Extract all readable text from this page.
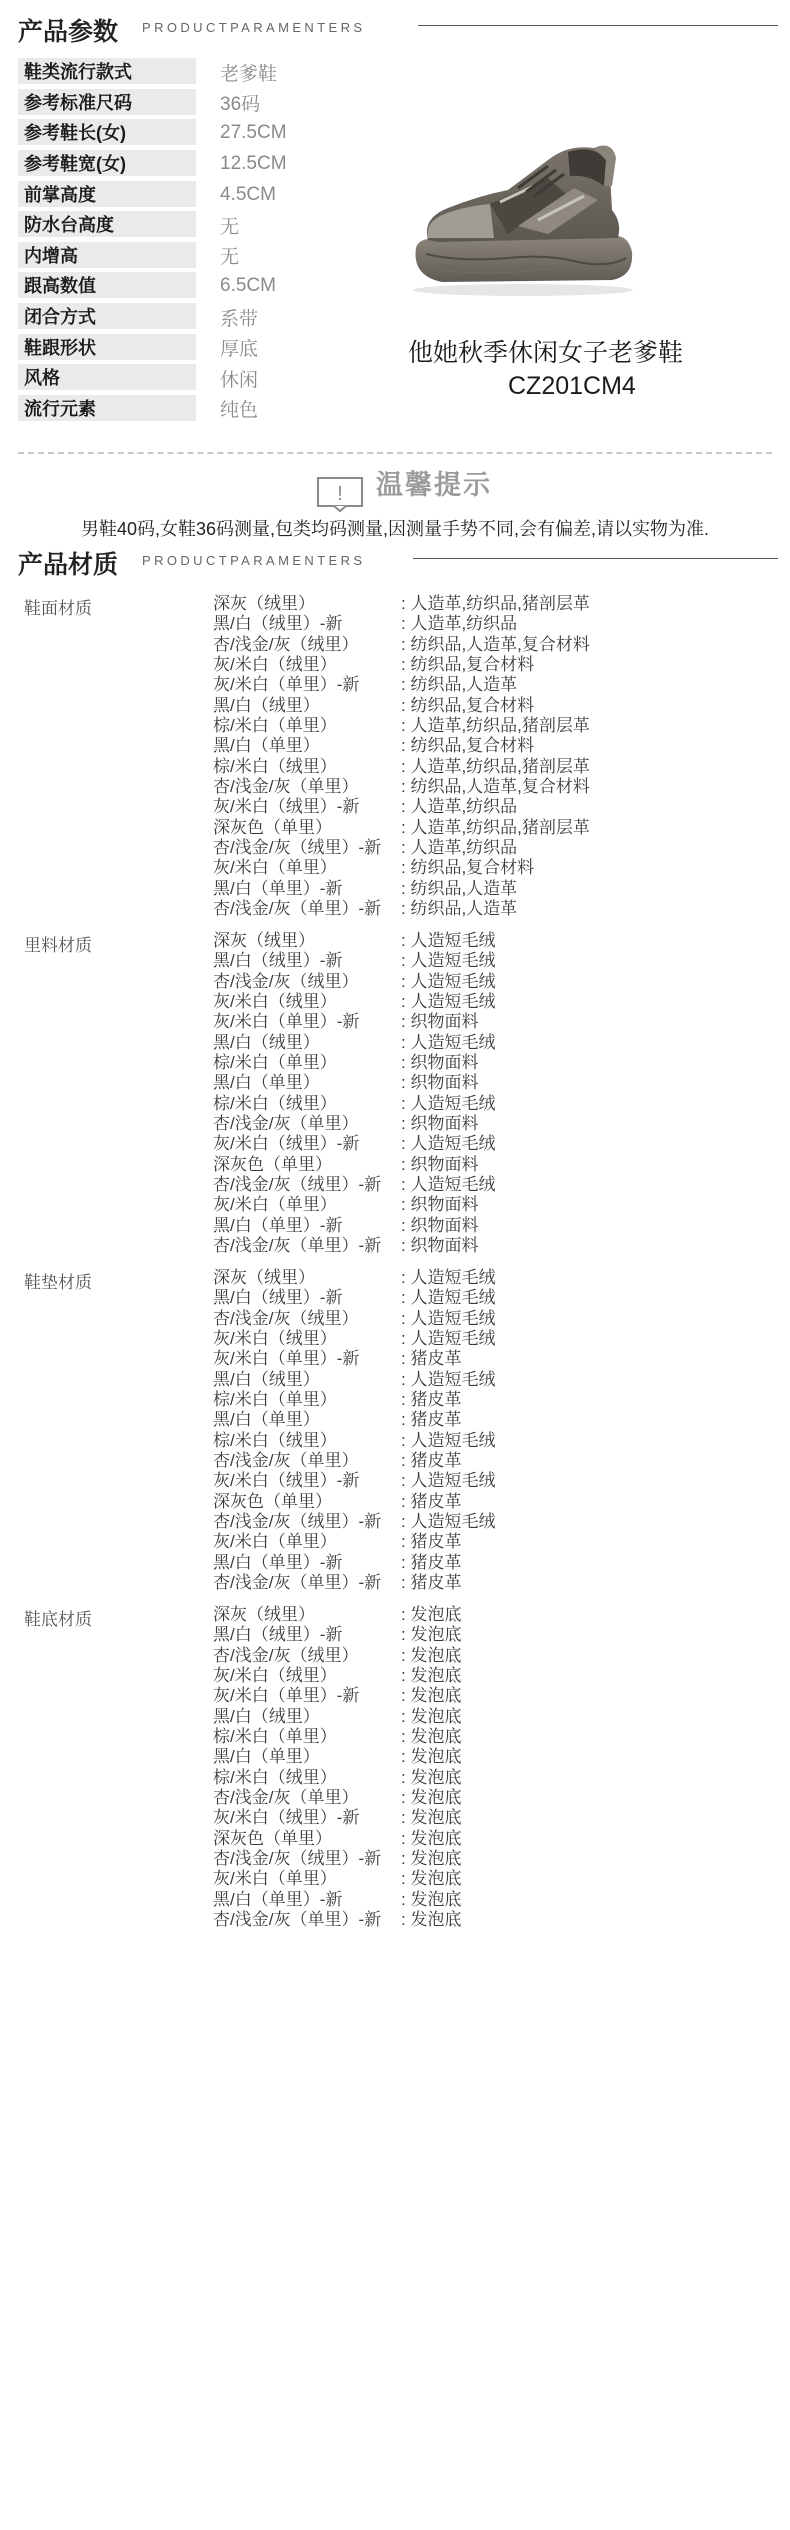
产品参数 PRODUCTPARAMENTERS
鞋类流行款式	老爹鞋
参考标准尺码	36码
参考鞋长(女)	27.5CM
参考鞋宽(女)	12.5CM
前掌高度	4.5CM
防水台高度	无
内增高	无
跟高数值	6.5CM
闭合方式	系带
鞋跟形状	厚底
风格	休闲
流行元素	纯色
他她秋季休闲女子老爹鞋
CZ201CM4
! 温馨提示
男鞋40码,女鞋36码测量,包类均码测量,因测量手势不同,会有偏差,请以实物为准.
产品材质 PRODUCTPARAMENTERS
鞋面材质	深灰（绒里）	: 人造革,纺织品,猪剖层革
黑/白（绒里）-新	: 人造革,纺织品
杏/浅金/灰（绒里）	: 纺织品,人造革,复合材料
灰/米白（绒里）	: 纺织品,复合材料
灰/米白（单里）-新 : 纺织品,人造革
黑/白（绒里）	: 纺织品,复合材料
棕/米白（单里）	: 人造革,纺织品,猪剖层革
黑/白（单里）	: 纺织品,复合材料
棕/米白（绒里）	: 人造革,纺织品,猪剖层革
杏/浅金/灰（单里）	: 纺织品,人造革,复合材料
灰/米白（绒里）-新 : 人造革,纺织品
深灰色（单里）	: 人造革,纺织品,猪剖层革
杏/浅金/灰（绒里）-新 : 人造革,纺织品
灰/米白（单里）	: 纺织品,复合材料
黑/白（单里）-新	: 纺织品,人造革
杏/浅金/灰（单里）-新 : 纺织品,人造革
里料材质	深灰（绒里）	: 人造短毛绒
黑/白（绒里）-新	: 人造短毛绒
杏/浅金/灰（绒里）	: 人造短毛绒
灰/米白（绒里）	: 人造短毛绒
灰/米白（单里）-新 : 织物面料
黑/白（绒里）	: 人造短毛绒
棕/米白（单里）	: 织物面料
黑/白（单里）	: 织物面料
棕/米白（绒里）	: 人造短毛绒
杏/浅金/灰（单里）	: 织物面料
灰/米白（绒里）-新 : 人造短毛绒
深灰色（单里）	: 织物面料
杏/浅金/灰（绒里）-新 : 人造短毛绒
灰/米白（单里）	: 织物面料
黑/白（单里）-新	: 织物面料
杏/浅金/灰（单里）-新 : 织物面料
鞋垫材质	深灰（绒里）	: 人造短毛绒
黑/白（绒里）-新	: 人造短毛绒
杏/浅金/灰（绒里）	: 人造短毛绒
灰/米白（绒里）	: 人造短毛绒
灰/米白（单里）-新 : 猪皮革
黑/白（绒里）	: 人造短毛绒
棕/米白（单里）	: 猪皮革
黑/白（单里）	: 猪皮革
棕/米白（绒里）	: 人造短毛绒
杏/浅金/灰（单里）	: 猪皮革
灰/米白（绒里）-新 : 人造短毛绒
深灰色（单里）	: 猪皮革
杏/浅金/灰（绒里）-新 : 人造短毛绒
灰/米白（单里）	: 猪皮革
黑/白（单里）-新	: 猪皮革
杏/浅金/灰（单里）-新 : 猪皮革
鞋底材质	深灰（绒里）	: 发泡底
黑/白（绒里）-新	: 发泡底
杏/浅金/灰（绒里）	: 发泡底
灰/米白（绒里）	: 发泡底
灰/米白（单里）-新 : 发泡底
黑/白（绒里）	: 发泡底
棕/米白（单里）	: 发泡底
黑/白（单里）	: 发泡底
棕/米白（绒里）	: 发泡底
杏/浅金/灰（单里）	: 发泡底
灰/米白（绒里）-新 : 发泡底
深灰色（单里）	: 发泡底
杏/浅金/灰（绒里）-新 : 发泡底
灰/米白（单里）	: 发泡底
黑/白（单里）-新	: 发泡底
杏/浅金/灰（单里）-新 : 发泡底
